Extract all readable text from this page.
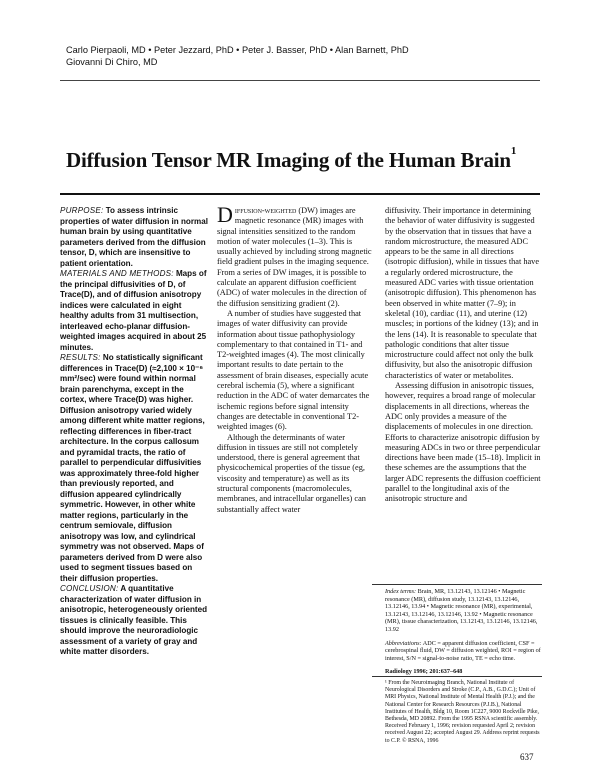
Carlo Pierpaoli, MD • Peter Jezzard, PhD • Peter J. Basser, PhD • Alan Barnett, PhD
Giovanni Di Chiro, MD
Diffusion Tensor MR Imaging of the Human Brain$^1$

PURPOSE: To assess intrinsic properties of water diffusion in normal human brain by using quantitative parameters derived from the diffusion tensor, D, which are insensitive to patient orientation.

MATERIALS AND METHODS: Maps of the principal diffusivities of D, of Trace(D), and of diffusion anisotropy indices were calculated in eight healthy adults from 31 multisection, interleaved echo-planar diffusion-weighted images acquired in about 25 minutes.

RESULTS: No statistically significant differences in Trace(D) (≈2,100 × 10⁻⁶ mm²/sec) were found within normal brain parenchyma, except in the cortex, where Trace(D) was higher. Diffusion anisotropy varied widely among different white matter regions, reflecting differences in fiber-tract architecture. In the corpus callosum and pyramidal tracts, the ratio of parallel to perpendicular diffusivities was approximately three-fold higher than previously reported, and diffusion appeared cylindrically symmetric. However, in other white matter regions, particularly in the centrum semiovale, diffusion anisotropy was low, and cylindrical symmetry was not observed. Maps of parameters derived from D were also used to segment tissues based on their diffusion properties.

CONCLUSION: A quantitative characterization of water diffusion in anisotropic, heterogeneously oriented tissues is clinically feasible. This should improve the neuroradiologic assessment of a variety of gray and white matter disorders.

Diffusion-weighted (DW) images are magnetic resonance (MR) images with signal intensities sensitized to the random motion of water molecules (1–3). This is usually achieved by including strong magnetic field gradient pulses in the imaging sequence. From a series of DW images, it is possible to calculate an apparent diffusion coefficient (ADC) of water molecules in the direction of the diffusion sensitizing gradient (2).

A number of studies have suggested that images of water diffusivity can provide information about tissue pathophysiology complementary to that contained in T1- and T2-weighted images (4). The most clinically important results to date pertain to the assessment of brain diseases, especially acute cerebral ischemia (5), where a significant reduction in the ADC of water demarcates the ischemic regions before signal intensity changes are detectable in conventional T2-weighted images (6).

Although the determinants of water diffusion in tissues are still not completely understood, there is general agreement that physicochemical properties of the tissue (eg, viscosity and temperature) as well as its structural components (macromolecules, membranes, and intracellular organelles) can substantially affect water

diffusivity. Their importance in determining the behavior of water diffusivity is suggested by the observation that in tissues that have a random microstructure, the measured ADC appears to be the same in all directions (isotropic diffusion), while in tissues that have a regularly ordered microstructure, the measured ADC varies with tissue orientation (anisotropic diffusion). This phenomenon has been observed in white matter (7–9); in skeletal (10), cardiac (11), and uterine (12) muscles; in portions of the kidney (13); and in the lens (14). It is reasonable to speculate that pathologic conditions that alter tissue microstructure could affect not only the bulk diffusivity, but also the anisotropic diffusion characteristics of water or metabolites.

Assessing diffusion in anisotropic tissues, however, requires a broad range of molecular displacements in all directions, whereas the ADC only provides a measure of the displacements of molecules in one direction. Efforts to characterize anisotropic diffusion by measuring ADCs in two or three perpendicular directions have been made (15–18). Implicit in these schemes are the assumptions that the larger ADC represents the diffusion coefficient parallel to the longitudinal axis of the anisotropic structure and

Index terms: Brain, MR, 13.12143, 13.12146 • Magnetic resonance (MR), diffusion study, 13.12143, 13.12146, 13.12146, 13.94 • Magnetic resonance (MR), experimental, 13.12143, 13.12146, 13.12146, 13.92 • Magnetic resonance (MR), tissue characterization, 13.12143, 13.12146, 13.12146, 13.92

Abbreviations: ADC = apparent diffusion coefficient, CSF = cerebrospinal fluid, DW = diffusion weighted, ROI = region of interest, S/N = signal-to-noise ratio, TE = echo time.

Radiology 1996; 201:637–648

¹ From the Neuroimaging Branch, National Institute of Neurological Disorders and Stroke (C.P., A.B., G.D.C.); Unit of MRI Physics, National Institute of Mental Health (P.J.); and the National Center for Research Resources (P.J.B.), National Institutes of Health, Bldg 10, Room 1C227, 9000 Rockville Pike, Bethesda, MD 20892. From the 1995 RSNA scientific assembly. Received February 1, 1996; revision requested April 2; revision received August 22; accepted August 29. Address reprint requests to C.P. © RSNA, 1996
637
